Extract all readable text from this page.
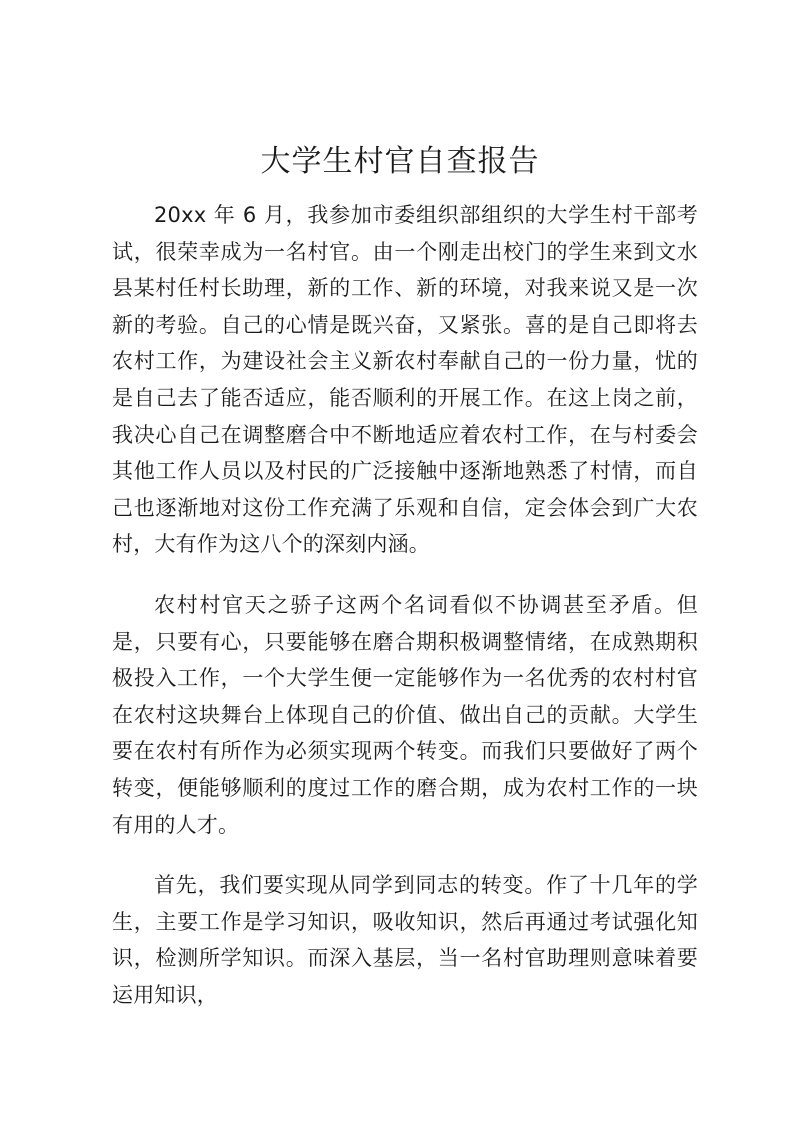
大学生村官自查报告

20xx 年 6 月，我参加市委组织部组织的大学生村干部考试，很荣幸成为一名村官。由一个刚走出校门的学生来到文水县某村任村长助理，新的工作、新的环境，对我来说又是一次新的考验。自己的心情是既兴奋，又紧张。喜的是自己即将去农村工作，为建设社会主义新农村奉献自己的一份力量，忧的是自己去了能否适应，能否顺利的开展工作。在这上岗之前，我决心自己在调整磨合中不断地适应着农村工作，在与村委会其他工作人员以及村民的广泛接触中逐渐地熟悉了村情，而自己也逐渐地对这份工作充满了乐观和自信，定会体会到广大农村，大有作为这八个的深刻内涵。

农村村官天之骄子这两个名词看似不协调甚至矛盾。但是，只要有心，只要能够在磨合期积极调整情绪，在成熟期积极投入工作，一个大学生便一定能够作为一名优秀的农村村官在农村这块舞台上体现自己的价值、做出自己的贡献。大学生要在农村有所作为必须实现两个转变。而我们只要做好了两个转变，便能够顺利的度过工作的磨合期，成为农村工作的一块有用的人才。

首先，我们要实现从同学到同志的转变。作了十几年的学生，主要工作是学习知识，吸收知识，然后再通过考试强化知识，检测所学知识。而深入基层，当一名村官助理则意味着要运用知识，
